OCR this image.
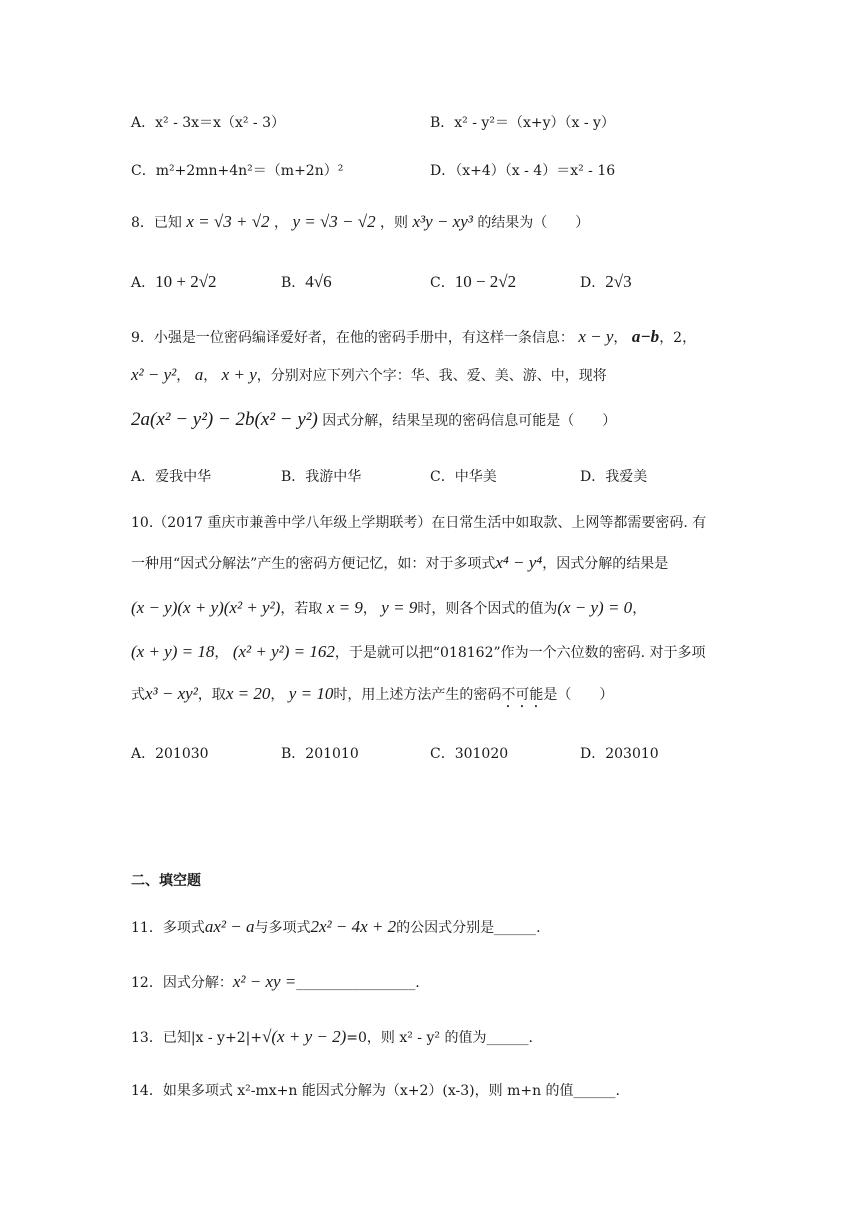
A．x² - 3x＝x（x² - 3）	B．x² - y²＝（x+y）（x - y）
C．m²+2mn+4n²＝（m+2n）²	D．（x+4）（x - 4）＝x² - 16
8．已知 x = √3 + √2 ， y = √3 − √2 ，则 x³y − xy³ 的结果为（　　）
A．10 + 2√2	B．4√6	C．10 − 2√2	D．2√3
9．小强是一位密码编译爱好者，在他的密码手册中，有这样一条信息： x − y， a−b，2，
x² − y²， a， x + y，分别对应下列六个字：华、我、爱、美、游、中，现将
2a(x² − y²) − 2b(x² − y²) 因式分解，结果呈现的密码信息可能是（　　）
A．爱我中华	B．我游中华	C．中华美	D．我爱美
10.（2017 重庆市兼善中学八年级上学期联考）在日常生活中如取款、上网等都需要密码. 有
一种用“因式分解法”产生的密码方便记忆，如：对于多项式x⁴ − y⁴，因式分解的结果是
(x − y)(x + y)(x² + y²)，若取 x = 9， y = 9时，则各个因式的值为(x − y) = 0，
(x + y) = 18， (x² + y²) = 162，于是就可以把“018162”作为一个六位数的密码. 对于多项
式x³ − xy²，取x = 20， y = 10时，用上述方法产生的密码不可能是（　　）
A．201030	B．201010	C．301020	D．203010
二、填空题
11．多项式ax² − a与多项式2x² − 4x + 2的公因式分别是______.
12．因式分解：x² − xy =_________________.
13．已知|x - y+2|+√(x + y − 2)=0，则 x² - y² 的值为______.
14．如果多项式 x²-mx+n 能因式分解为（x+2）(x-3)，则 m+n 的值______.
